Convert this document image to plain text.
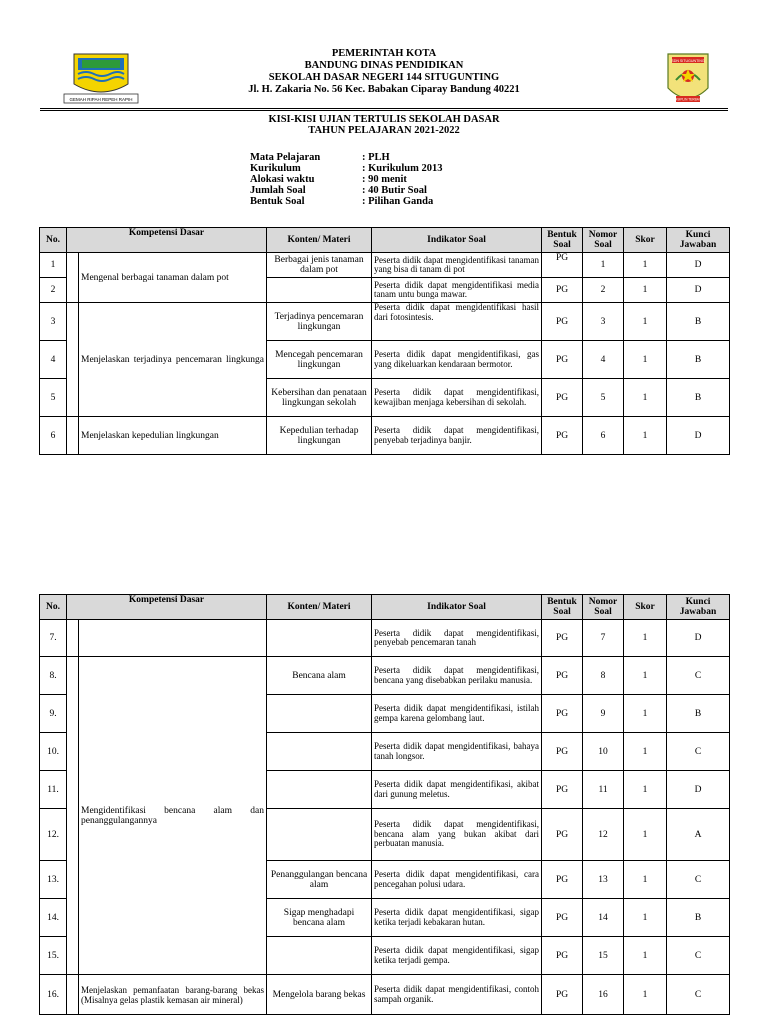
GEMAH RIPAH REPEH RAPIH
SDN SITUGUNTING
DISIPLIN TERBAIK
PEMERINTAH KOTA
BANDUNG DINAS PENDIDIKAN
SEKOLAH DASAR NEGERI 144 SITUGUNTING
Jl. H. Zakaria No. 56 Kec. Babakan Ciparay Bandung 40221
KISI-KISI UJIAN TERTULIS SEKOLAH DASAR
TAHUN PELAJARAN 2021-2022
Mata Pelajaran	: PLH
Kurikulum	: Kurikulum 2013
Alokasi waktu	: 90 menit
Jumlah Soal	: 40 Butir Soal
Bentuk Soal	: Pilihan Ganda
No.	Kompetensi Dasar		Konten/ Materi	Indikator Soal	Bentuk Soal	Nomor Soal	Skor	Kunci Jawaban
1		Mengenal berbagai tanaman dalam pot	Berbagai jenis tanaman dalam pot	Peserta didik dapat mengidentifikasi tanaman yang bisa di tanam di pot	PG	1	1	D
2				Peserta didik dapat mengidentifikasi media tanam untu bunga mawar.	PG	2	1	D
3		Menjelaskan terjadinya pencemaran lingkunga	Terjadinya pencemaran lingkungan	Peserta didik dapat mengidentifikasi hasil dari fotosintesis.	PG	3	1	B
4			Mencegah pencemaran lingkungan	Peserta didik dapat mengidentifikasi, gas yang dikeluarkan kendaraan bermotor.	PG	4	1	B
5			Kebersihan dan penataan lingkungan sekolah	Peserta didik dapat mengidentifikasi, kewajiban menjaga kebersihan di sekolah.	PG	5	1	B
6		Menjelaskan kepedulian lingkungan	Kepedulian terhadap lingkungan	Peserta didik dapat mengidentifikasi, penyebab terjadinya banjir.	PG	6	1	D
No.	Kompetensi Dasar		Konten/ Materi	Indikator Soal	Bentuk Soal	Nomor Soal	Skor	Kunci Jawaban
7.				Peserta didik dapat mengidentifikasi, penyebab pencemaran tanah	PG	7	1	D
8.		Mengidentifikasi bencana alam dan penanggulangannya	Bencana alam	Peserta didik dapat mengidentifikasi, bencana yang disebabkan perilaku manusia.	PG	8	1	C
9.				Peserta didik dapat mengidentifikasi, istilah gempa karena gelombang laut.	PG	9	1	B
10.				Peserta didik dapat mengidentifikasi, bahaya tanah longsor.	PG	10	1	C
11.				Peserta didik dapat mengidentifikasi, akibat dari gunung meletus.	PG	11	1	D
12.				Peserta didik dapat mengidentifikasi, bencana alam yang bukan akibat dari perbuatan manusia.	PG	12	1	A
13.			Penanggulangan bencana alam	Peserta didik dapat mengidentifikasi, cara pencegahan polusi udara.	PG	13	1	C
14.			Sigap menghadapi bencana alam	Peserta didik dapat mengidentifikasi, sigap ketika terjadi kebakaran hutan.	PG	14	1	B
15.				Peserta didik dapat mengidentifikasi, sigap ketika terjadi gempa.	PG	15	1	C
16.		Menjelaskan pemanfaatan barang-barang bekas (Misalnya gelas plastik kemasan air mineral)	Mengelola barang bekas	Peserta didik dapat mengidentifikasi, contoh sampah organik.	PG	16	1	C
